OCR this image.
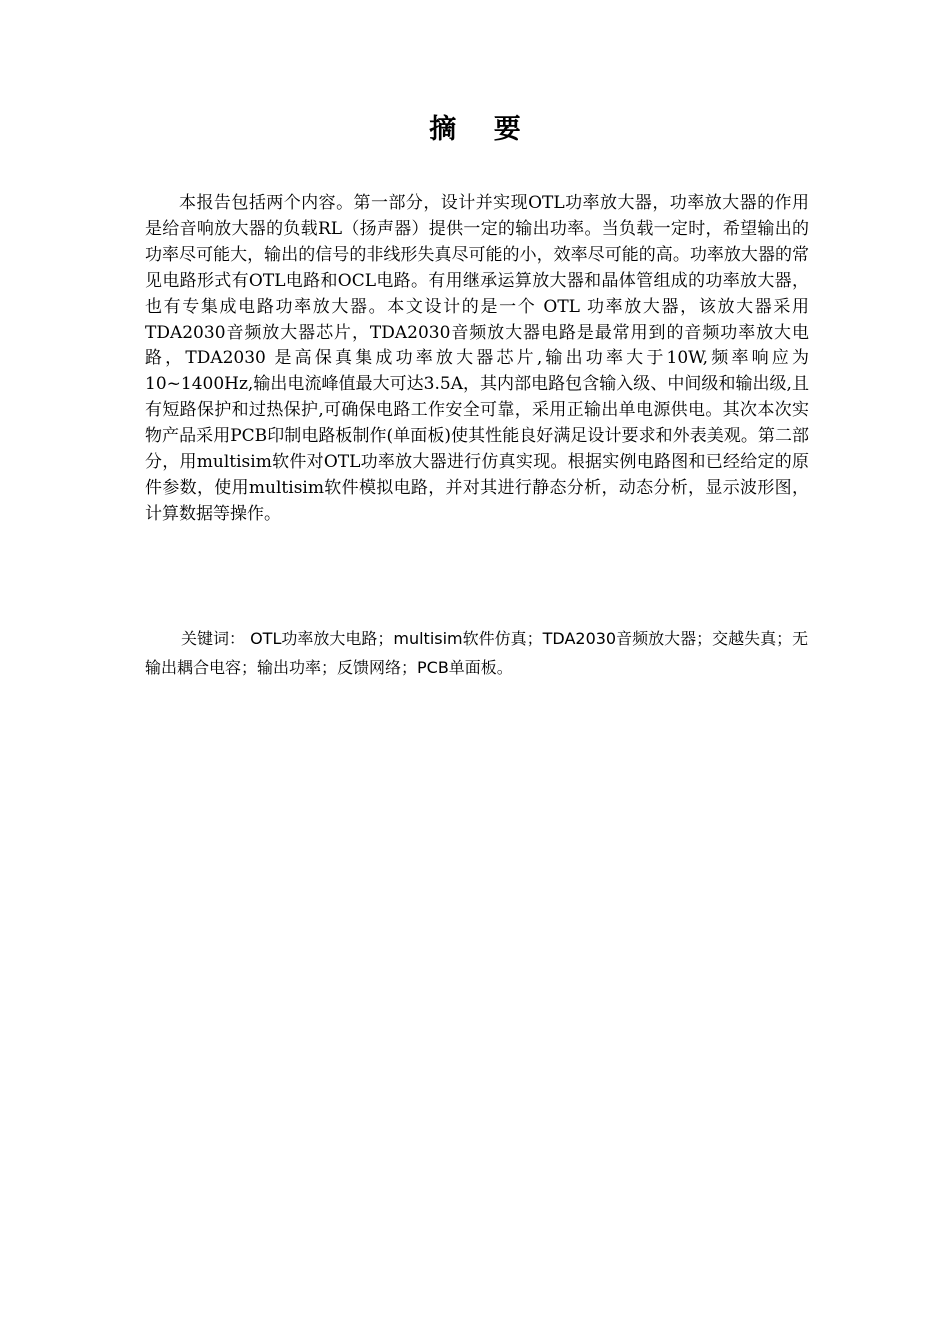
摘 要

本报告包括两个内容。第一部分，设计并实现OTL功率放大器，功率放大器的作用是给音响放大器的负载RL（扬声器）提供一定的输出功率。当负载一定时，希望输出的功率尽可能大，输出的信号的非线形失真尽可能的小，效率尽可能的高。功率放大器的常见电路形式有OTL电路和OCL电路。有用继承运算放大器和晶体管组成的功率放大器，也有专集成电路功率放大器。本文设计的是一个 OTL 功率放大器，该放大器采用TDA2030音频放大器芯片，TDA2030音频放大器电路是最常用到的音频功率放大电路，TDA2030 是高保真集成功率放大器芯片,输出功率大于10W,频率响应为10~1400Hz,输出电流峰值最大可达3.5A，其内部电路包含输入级、中间级和输出级,且有短路保护和过热保护,可确保电路工作安全可靠，采用正输出单电源供电。其次本次实物产品采用PCB印制电路板制作(单面板)使其性能良好满足设计要求和外表美观。第二部分，用multisim软件对OTL功率放大器进行仿真实现。根据实例电路图和已经给定的原件参数，使用multisim软件模拟电路，并对其进行静态分析，动态分析，显示波形图，计算数据等操作。

关键词： OTL功率放大电路；multisim软件仿真；TDA2030音频放大器；交越失真；无输出耦合电容；输出功率；反馈网络；PCB单面板。
